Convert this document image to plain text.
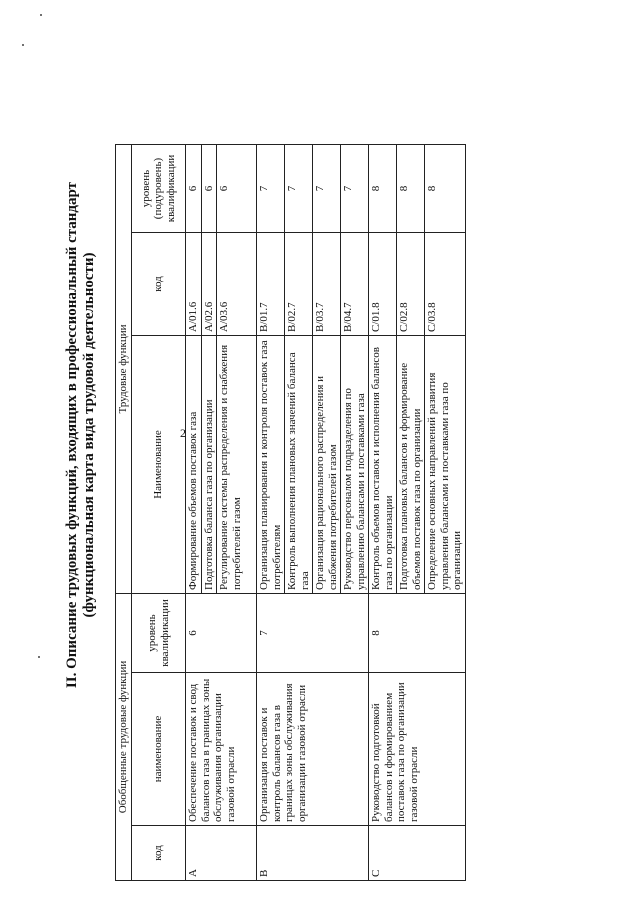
II. Описание трудовых функций, входящих в профессиональный стандарт (функциональная карта вида трудовой деятельности)
Обобщенные трудовые функции			Трудовые функции		
код	наименование	уровень квалификации	Наименование	код	уровень (подуровень) квалификации
А	Обеспечение поставок и свод балансов газа в границах зоны обслуживания организации газовой отрасли	6	Формирование объемов поставок газа	А/01.6	6
			Подготовка баланса газа по организации	А/02.6	6
			Регулирование системы распределения и снабжения потребителей газом	А/03.6	6
В	Организация поставок и контроль балансов газа в границах зоны обслуживания организации газовой отрасли	7	Организация планирования и контроля поставок газа потребителям	В/01.7	7
			Контроль выполнения плановых значений баланса газа	В/02.7	7
			Организация рационального распределения и снабжения потребителей газом	В/03.7	7
			Руководство персоналом подразделения по управлению балансами и поставками газа	В/04.7	7
С	Руководство подготовкой балансов и формированием поставок газа по организации газовой отрасли	8	Контроль объемов поставок и исполнения балансов газа по организации	С/01.8	8
			Подготовка плановых балансов и формирование объемов поставок газа по организации	С/02.8	8
			Определение основных направлений развития управления балансами и поставками газа по организации	С/03.8	8
2
